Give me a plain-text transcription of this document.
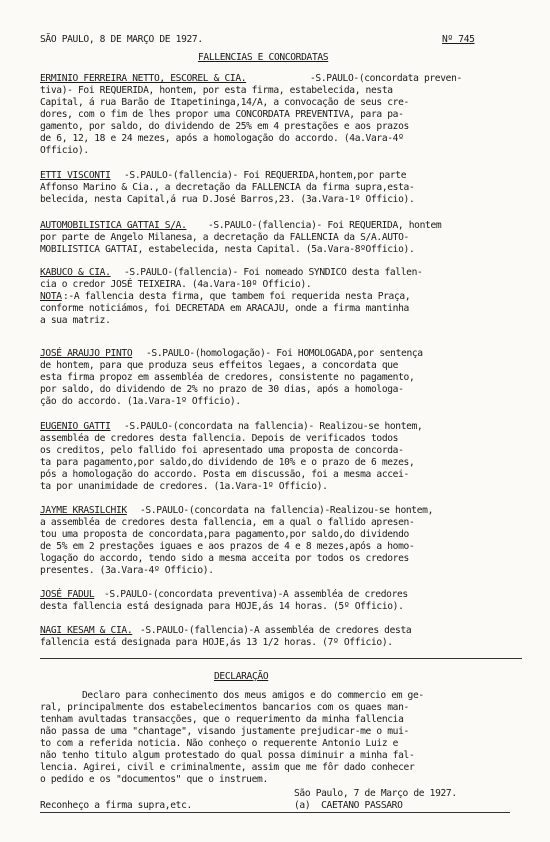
SÃO PAULO, 8 DE MARÇO DE 1927.	Nº 745
FALLENCIAS E CONCORDATAS
ERMINIO FERREIRA NETTO, ESCOREL & CIA.	-S.PAULO-(concordata preven-
tiva)- Foi REQUERIDA, hontem, por esta firma, estabelecida, nesta
Capital, á rua Barão de Itapetininga,14/A, a convocação de seus cre-
dores, com o fim de lhes propor uma CONCORDATA PREVENTIVA, para pa-
gamento, por saldo, do dividendo de 25% em 4 prestações e aos prazos
de 6, 12, 18 e 24 mezes, após a homologação do accordo. (4a.Vara-4º
Officio).
ETTI VISCONTI -S.PAULO-(fallencia)- Foi REQUERIDA,hontem,por parte
Affonso Marino & Cia., a decretação da FALLENCIA da firma supra,esta-
belecida, nesta Capital,á rua D.José Barros,23. (3a.Vara-1º Officio).
AUTOMOBILISTICA GATTAI S/A. -S.PAULO-(fallencia)- Foi REQUERIDA, hontem
por parte de Angelo Milanesa, a decretação da FALLENCIA da S/A.AUTO-
MOBILISTICA GATTAI, estabelecida, nesta Capital. (5a.Vara-8ºOfficio).
KABUCO & CIA. -S.PAULO-(fallencia)- Foi nomeado SYNDICO desta fallen-
cia o credor JOSÉ TEIXEIRA. (4a.Vara-10º Officio).
NOTA :-A fallencia desta firma, que tambem foi requerida nesta Praça,
conforme noticiámos, foi DECRETADA em ARACAJU, onde a firma mantinha
a sua matriz.
JOSÉ ARAUJO PINTO -S.PAULO-(homologação)- Foi HOMOLOGADA,por sentença
de hontem, para que produza seus effeitos legaes, a concordata que
esta firma propoz em assembléa de credores, consistente no pagamento,
por saldo, do dividendo de 2% no prazo de 30 dias, após a homologa-
ção do accordo. (1a.Vara-1º Officio).
EUGENIO GATTI -S.PAULO-(concordata na fallencia)- Realizou-se hontem,
assembléa de credores desta fallencia. Depois de verificados todos
os creditos, pelo fallido foi apresentado uma proposta de concorda-
ta para pagamento,por saldo,do dividendo de 10% e o prazo de 6 mezes,
pós a homologação do accordo. Posta em discussão, foi a mesma accei-
ta por unanimidade de credores. (1a.Vara-1º Officio).
JAYME KRASILCHIK -S.PAULO-(concordata na fallencia)-Realizou-se hontem,
a assembléa de credores desta fallencia, em a qual o fallido apresen-
tou uma proposta de concordata,para pagamento,por saldo,do dividendo
de 5% em 2 prestações iguaes e aos prazos de 4 e 8 mezes,após a homo-
logação do accordo, tendo sido a mesma acceita por todos os credores
presentes. (3a.Vara-4º Officio).
JOSÉ FADUL -S.PAULO-(concordata preventiva)-A assembléa de credores
desta fallencia está designada para HOJE,ás 14 horas. (5º Officio).
NAGI KESAM & CIA. -S.PAULO-(fallencia)-A assembléa de credores desta
fallencia está designada para HOJE,ás 13 1/2 horas. (7º Officio).
DECLARAÇÃO
Declaro para conhecimento dos meus amigos e do commercio em ge-
ral, principalmente dos estabelecimentos bancarios com os quaes man-
tenham avultadas transacções, que o requerimento da minha fallencia
não passa de uma "chantage", visando justamente prejudicar-me o mui-
to com a referida noticia. Não conheço o requerente Antonio Luiz e
não tenho titulo algum protestado do qual possa diminuir a minha fal-
lencia. Agirei, civil e criminalmente, assim que me fôr dado conhecer
o pedido e os "documentos" que o instruem.
São Paulo, 7 de Março de 1927.
Reconheço a firma supra,etc.	(a)  CAETANO PASSARO
